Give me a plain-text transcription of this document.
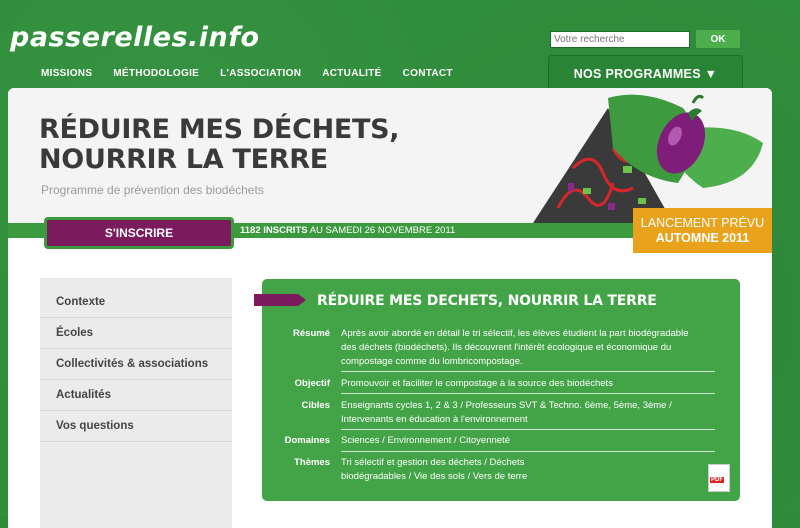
passerelles.info
MISSIONS MÉTHODOLOGIE L'ASSOCIATION ACTUALITÉ CONTACT
Votre recherche
OK
NOS PROGRAMMES ▼
RÉDUIRE MES DÉCHETS,
NOURRIR LA TERRE
Programme de prévention des biodéchets
S'INSCRIRE	1182 INSCRITS AU SAMEDI 26 NOVEMBRE 2011
LANCEMENT PRÉVU
AUTOMNE 2011
Contexte
Écoles
Collectivités & associations
Actualités
Vos questions
RÉDUIRE MES DECHETS, NOURRIR LA TERRE
Résumé Après avoir abordé en détail le tri sélectif, les élèves étudient la part biodégradable
des déchets (biodéchets). Ils découvrent l'intérêt écologique et économique du
compostage comme du lombricompostage.
Objectif Promouvoir et faciliter le compostage à la source des biodéchets
Cibles Enseignants cycles 1, 2 & 3 / Professeurs SVT & Techno. 6ème, 5ème, 3ème /
Intervenants en éducation à l'environnement
Domaines Sciences / Environnement / Citoyenneté
Thèmes Tri sélectif et gestion des déchets / Déchets
biodégradables / Vie des sols / Vers de terre	PDF
